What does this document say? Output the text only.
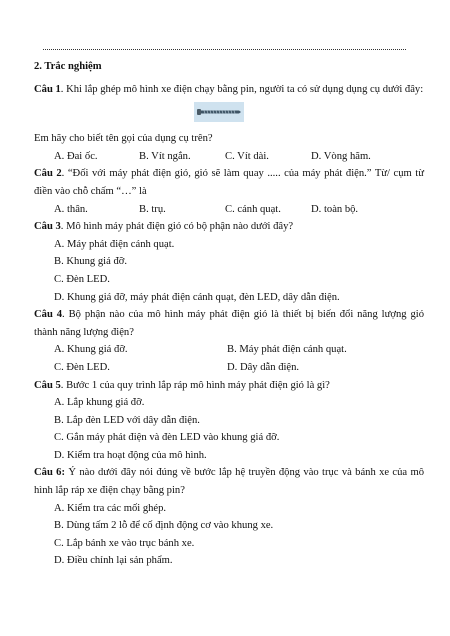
2. Trắc nghiệm

Câu 1. Khi lắp ghép mô hình xe điện chạy bằng pin, người ta có sử dụng dụng cụ dưới đây:

Em hãy cho biết tên gọi của dụng cụ trên?

A. Đai ốc.	B. Vít ngắn.	C. Vít dài.	D. Vòng hãm.

Câu 2. “Đối với máy phát điện gió, gió sẽ làm quay ..... của máy phát điện.” Từ/ cụm từ điền vào chỗ chấm “…” là

A. thân.	B. trụ.	C. cánh quạt.	D. toàn bộ.

Câu 3. Mô hình máy phát điện gió có bộ phận nào dưới đây?

A. Máy phát điện cánh quạt.
B. Khung giá đỡ.
C. Đèn LED.
D. Khung giá đỡ, máy phát điện cánh quạt, đèn LED, dây dẫn điện.

Câu 4. Bộ phận nào của mô hình máy phát điện gió là thiết bị biến đổi năng lượng gió thành năng lượng điện?

A. Khung giá đỡ.	B. Máy phát điện cánh quạt.
C. Đèn LED.	D. Dây dẫn điện.

Câu 5. Bước 1 của quy trình lắp ráp mô hình máy phát điện gió là gì?

A. Lắp khung giá đỡ.
B. Lắp đèn LED với dây dẫn điện.
C. Gắn máy phát điện và đèn LED vào khung giá đỡ.
D. Kiểm tra hoạt động của mô hình.

Câu 6: Ý nào dưới đây nói đúng về bước lắp hệ truyền động vào trục và bánh xe của mô hình lắp ráp xe điện chạy bằng pin?

A. Kiểm tra các mối ghép.
B. Dùng tấm 2 lỗ để cố định động cơ vào khung xe.
C. Lắp bánh xe vào trục bánh xe.
D. Điều chỉnh lại sản phẩm.
